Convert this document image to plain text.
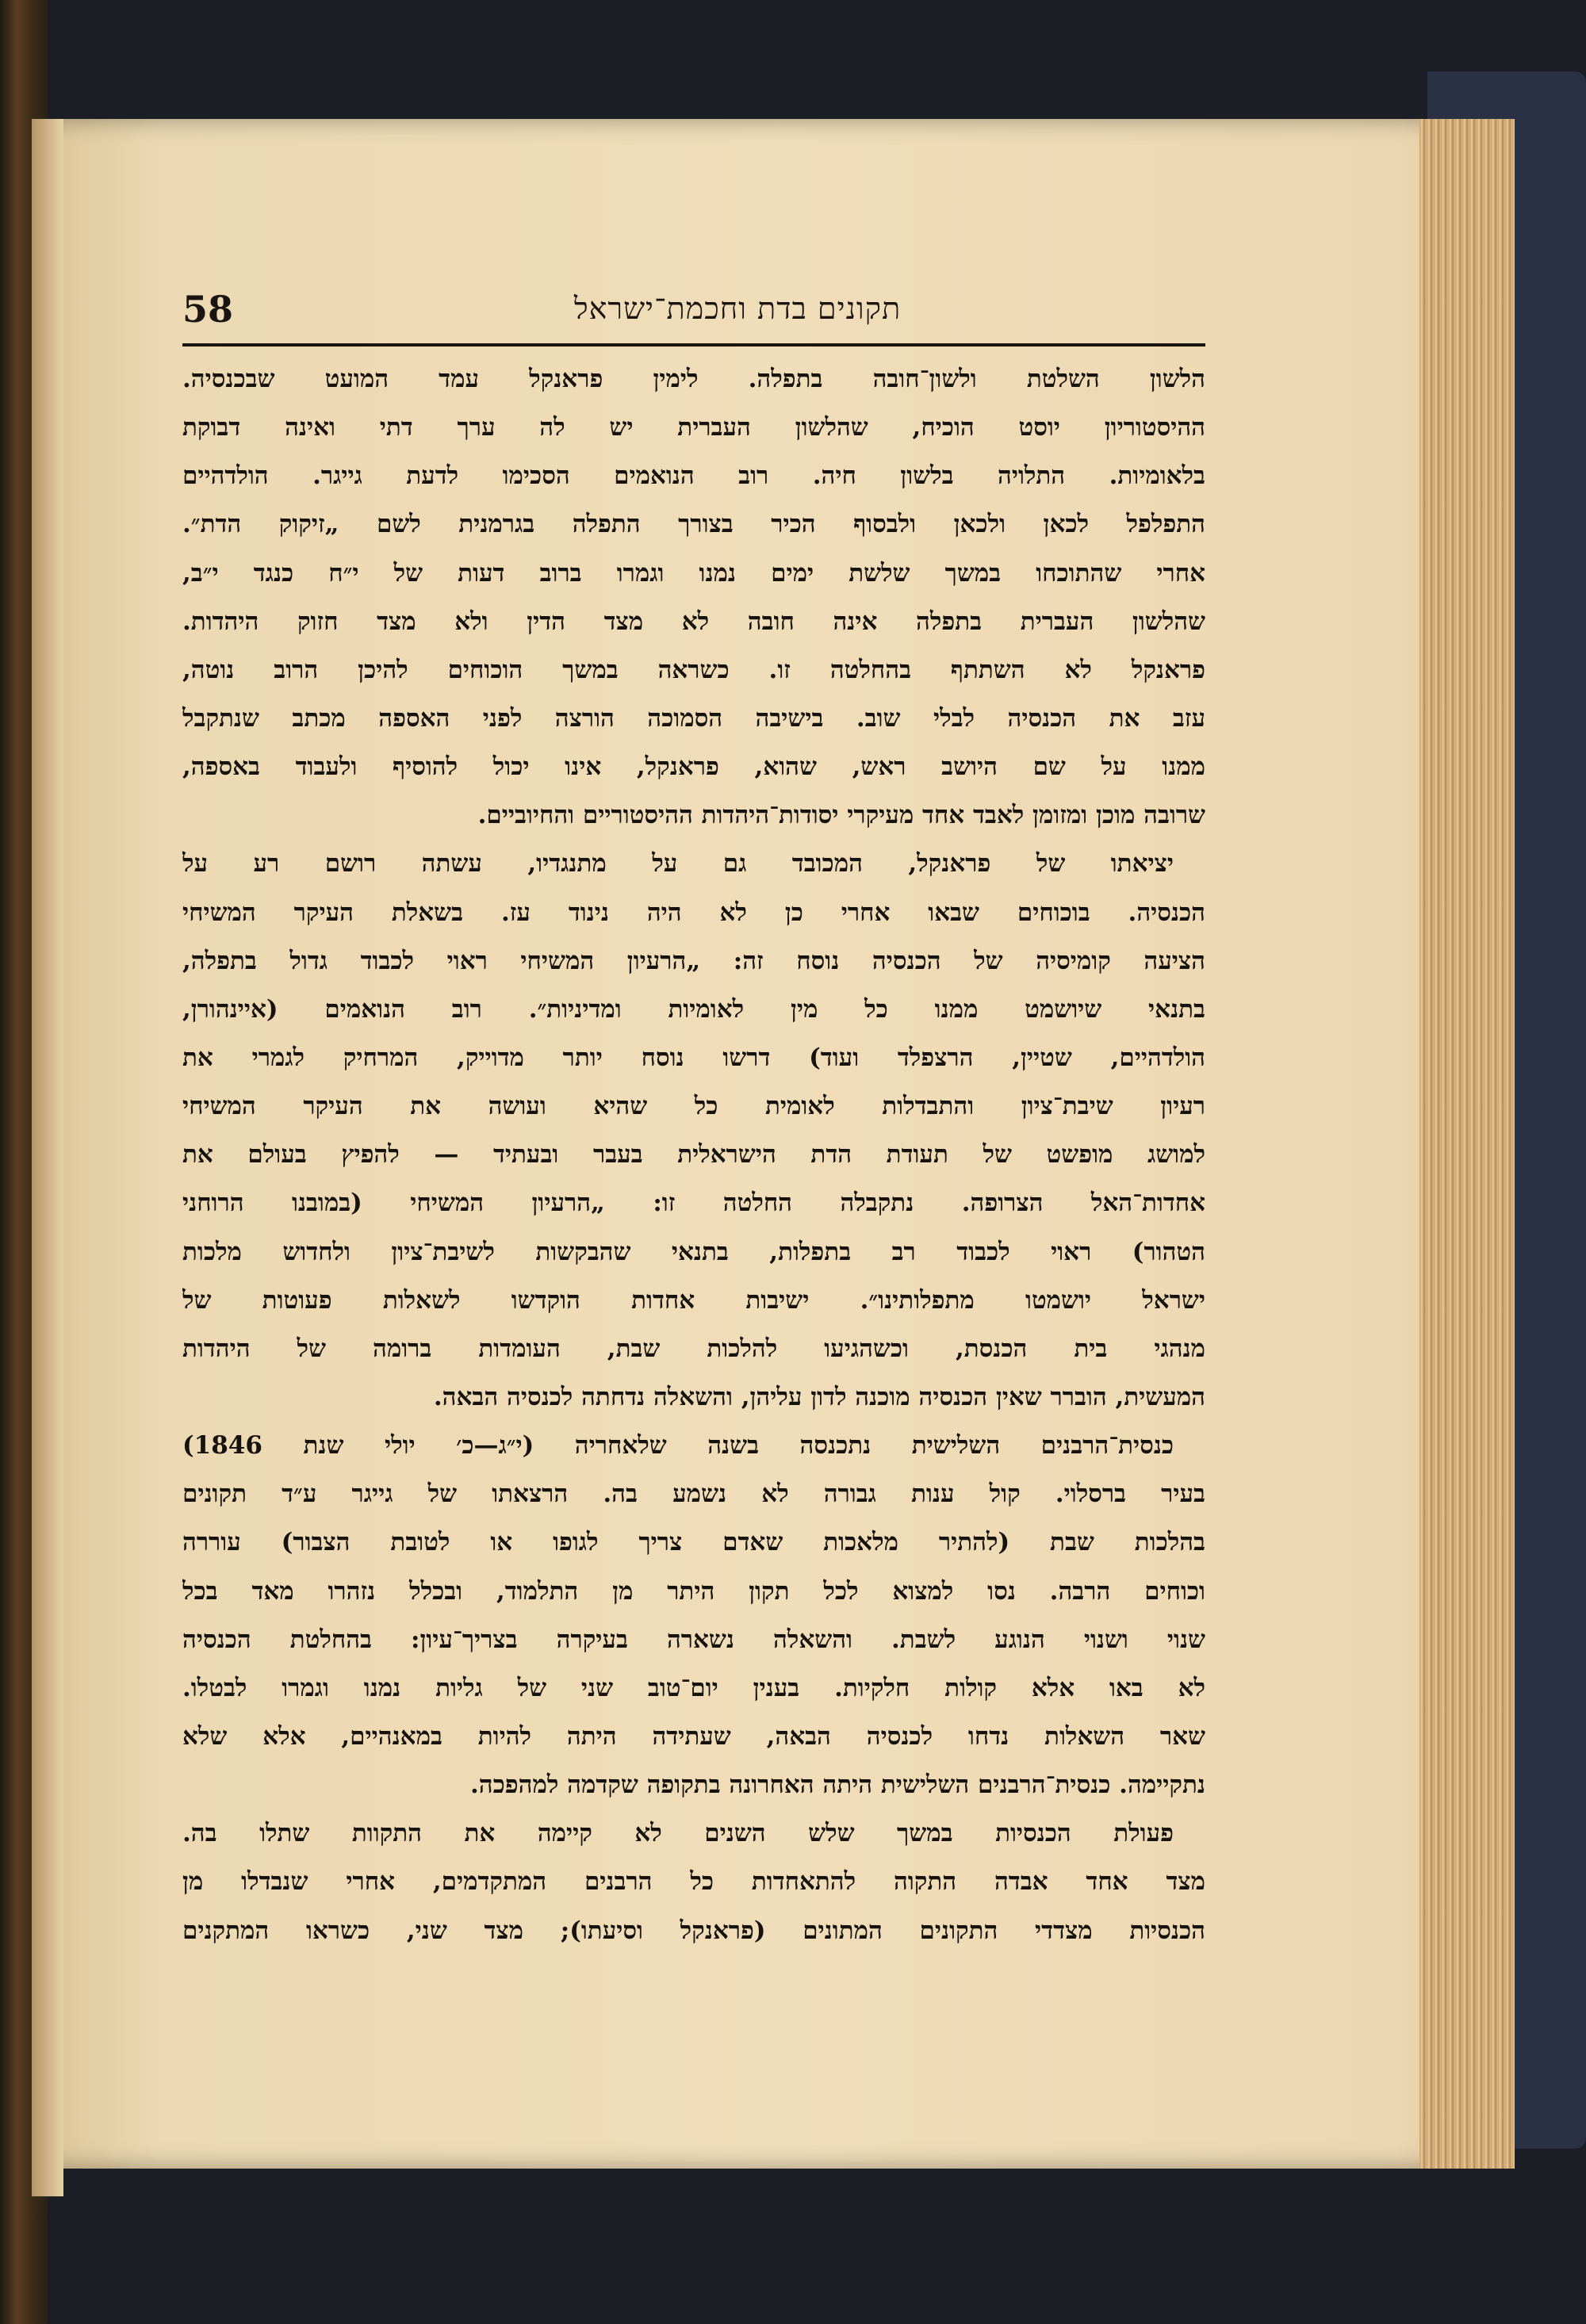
58	תקונים בדת וחכמת־ישראל
הלשון השלטת ולשון־חובה בתפלה. לימין פראנקל עמד המועט שבכנסיה.
ההיסטוריון יוסט הוכיח, שהלשון העברית יש לה ערך דתי ואינה דבוקת
בלאומיות. התלויה בלשון חיה. רוב הנואמים הסכימו לדעת גייגר. הולדהיים
התפלפל לכאן ולכאן ולבסוף הכיר בצורך התפלה בגרמנית לשם „זיקוק הדת״.
אחרי שהתוכחו במשך שלשת ימים נמנו וגמרו ברוב דעות של י״ח כנגד י״ב,
שהלשון העברית בתפלה אינה חובה לא מצד הדין ולא מצד חזוק היהדות.
פראנקל לא השתתף בהחלטה זו. כשראה במשך הוכוחים להיכן הרוב נוטה,
עזב את הכנסיה לבלי שוב. בישיבה הסמוכה הורצה לפני האספה מכתב שנתקבל
ממנו על שם היושב ראש, שהוא, פראנקל, אינו יכול להוסיף ולעבוד באספה,
שרובה מוכן ומזומן לאבד אחד מעיקרי יסודות־היהדות ההיסטוריים והחיוביים.
יציאתו של פראנקל, המכובד גם על מתנגדיו, עשתה רושם רע על
הכנסיה. בוכוחים שבאו אחרי כן לא היה נינוד עז. בשאלת העיקר המשיחי
הציעה קומיסיה של הכנסיה נוסח זה: „הרעיון המשיחי ראוי לכבוד גדול בתפלה,
בתנאי שיושמט ממנו כל מין לאומיות ומדיניות״. רוב הנואמים (איינהורן,
הולדהיים, שטיין, הרצפלד ועוד) דרשו נוסח יותר מדוייק, המרחיק לגמרי את
רעיון שיבת־ציון והתבדלות לאומית כל שהיא ועושה את העיקר המשיחי
למושג מופשט של תעודת הדת הישראלית בעבר ובעתיד — להפיץ בעולם את
אחדות־האל הצרופה. נתקבלה החלטה זו: „הרעיון המשיחי (במובנו הרוחני
הטהור) ראוי לכבוד רב בתפלות, בתנאי שהבקשות לשיבת־ציון ולחדוש מלכות
ישראל יושמטו מתפלותינו״. ישיבות אחדות הוקדשו לשאלות פעוטות של
מנהגי בית הכנסת, וכשהגיעו להלכות שבת, העומדות ברומה של היהדות
המעשית, הוברר שאין הכנסיה מוכנה לדון עליהן, והשאלה נדחתה לכנסיה הבאה.
כנסית־הרבנים השלישית נתכנסה בשנה שלאחריה (י״ג—כ׳ יולי שנת 1846)
בעיר ברסלוי. קול ענות גבורה לא נשמע בה. הרצאתו של גייגר ע״ד תקונים
בהלכות שבת (להתיר מלאכות שאדם צריך לגופו או לטובת הצבור) עוררה
וכוחים הרבה. נסו למצוא לכל תקון היתר מן התלמוד, ובכלל נזהרו מאד בכל
שנוי ושנוי הנוגע לשבת. והשאלה נשארה בעיקרה בצריך־עיון: בהחלטת הכנסיה
לא באו אלא קולות חלקיות. בענין יום־טוב שני של גליות נמנו וגמרו לבטלו.
שאר השאלות נדחו לכנסיה הבאה, שעתידה היתה להיות במאנהיים, אלא שלא
נתקיימה. כנסית־הרבנים השלישית היתה האחרונה בתקופה שקדמה למהפכה.
פעולת הכנסיות במשך שלש השנים לא קיימה את התקוות שתלו בה.
מצד אחד אבדה התקוה להתאחדות כל הרבנים המתקדמים, אחרי שנבדלו מן
הכנסיות מצדדי התקונים המתונים (פראנקל וסיעתו); מצד שני, כשראו המתקנים
